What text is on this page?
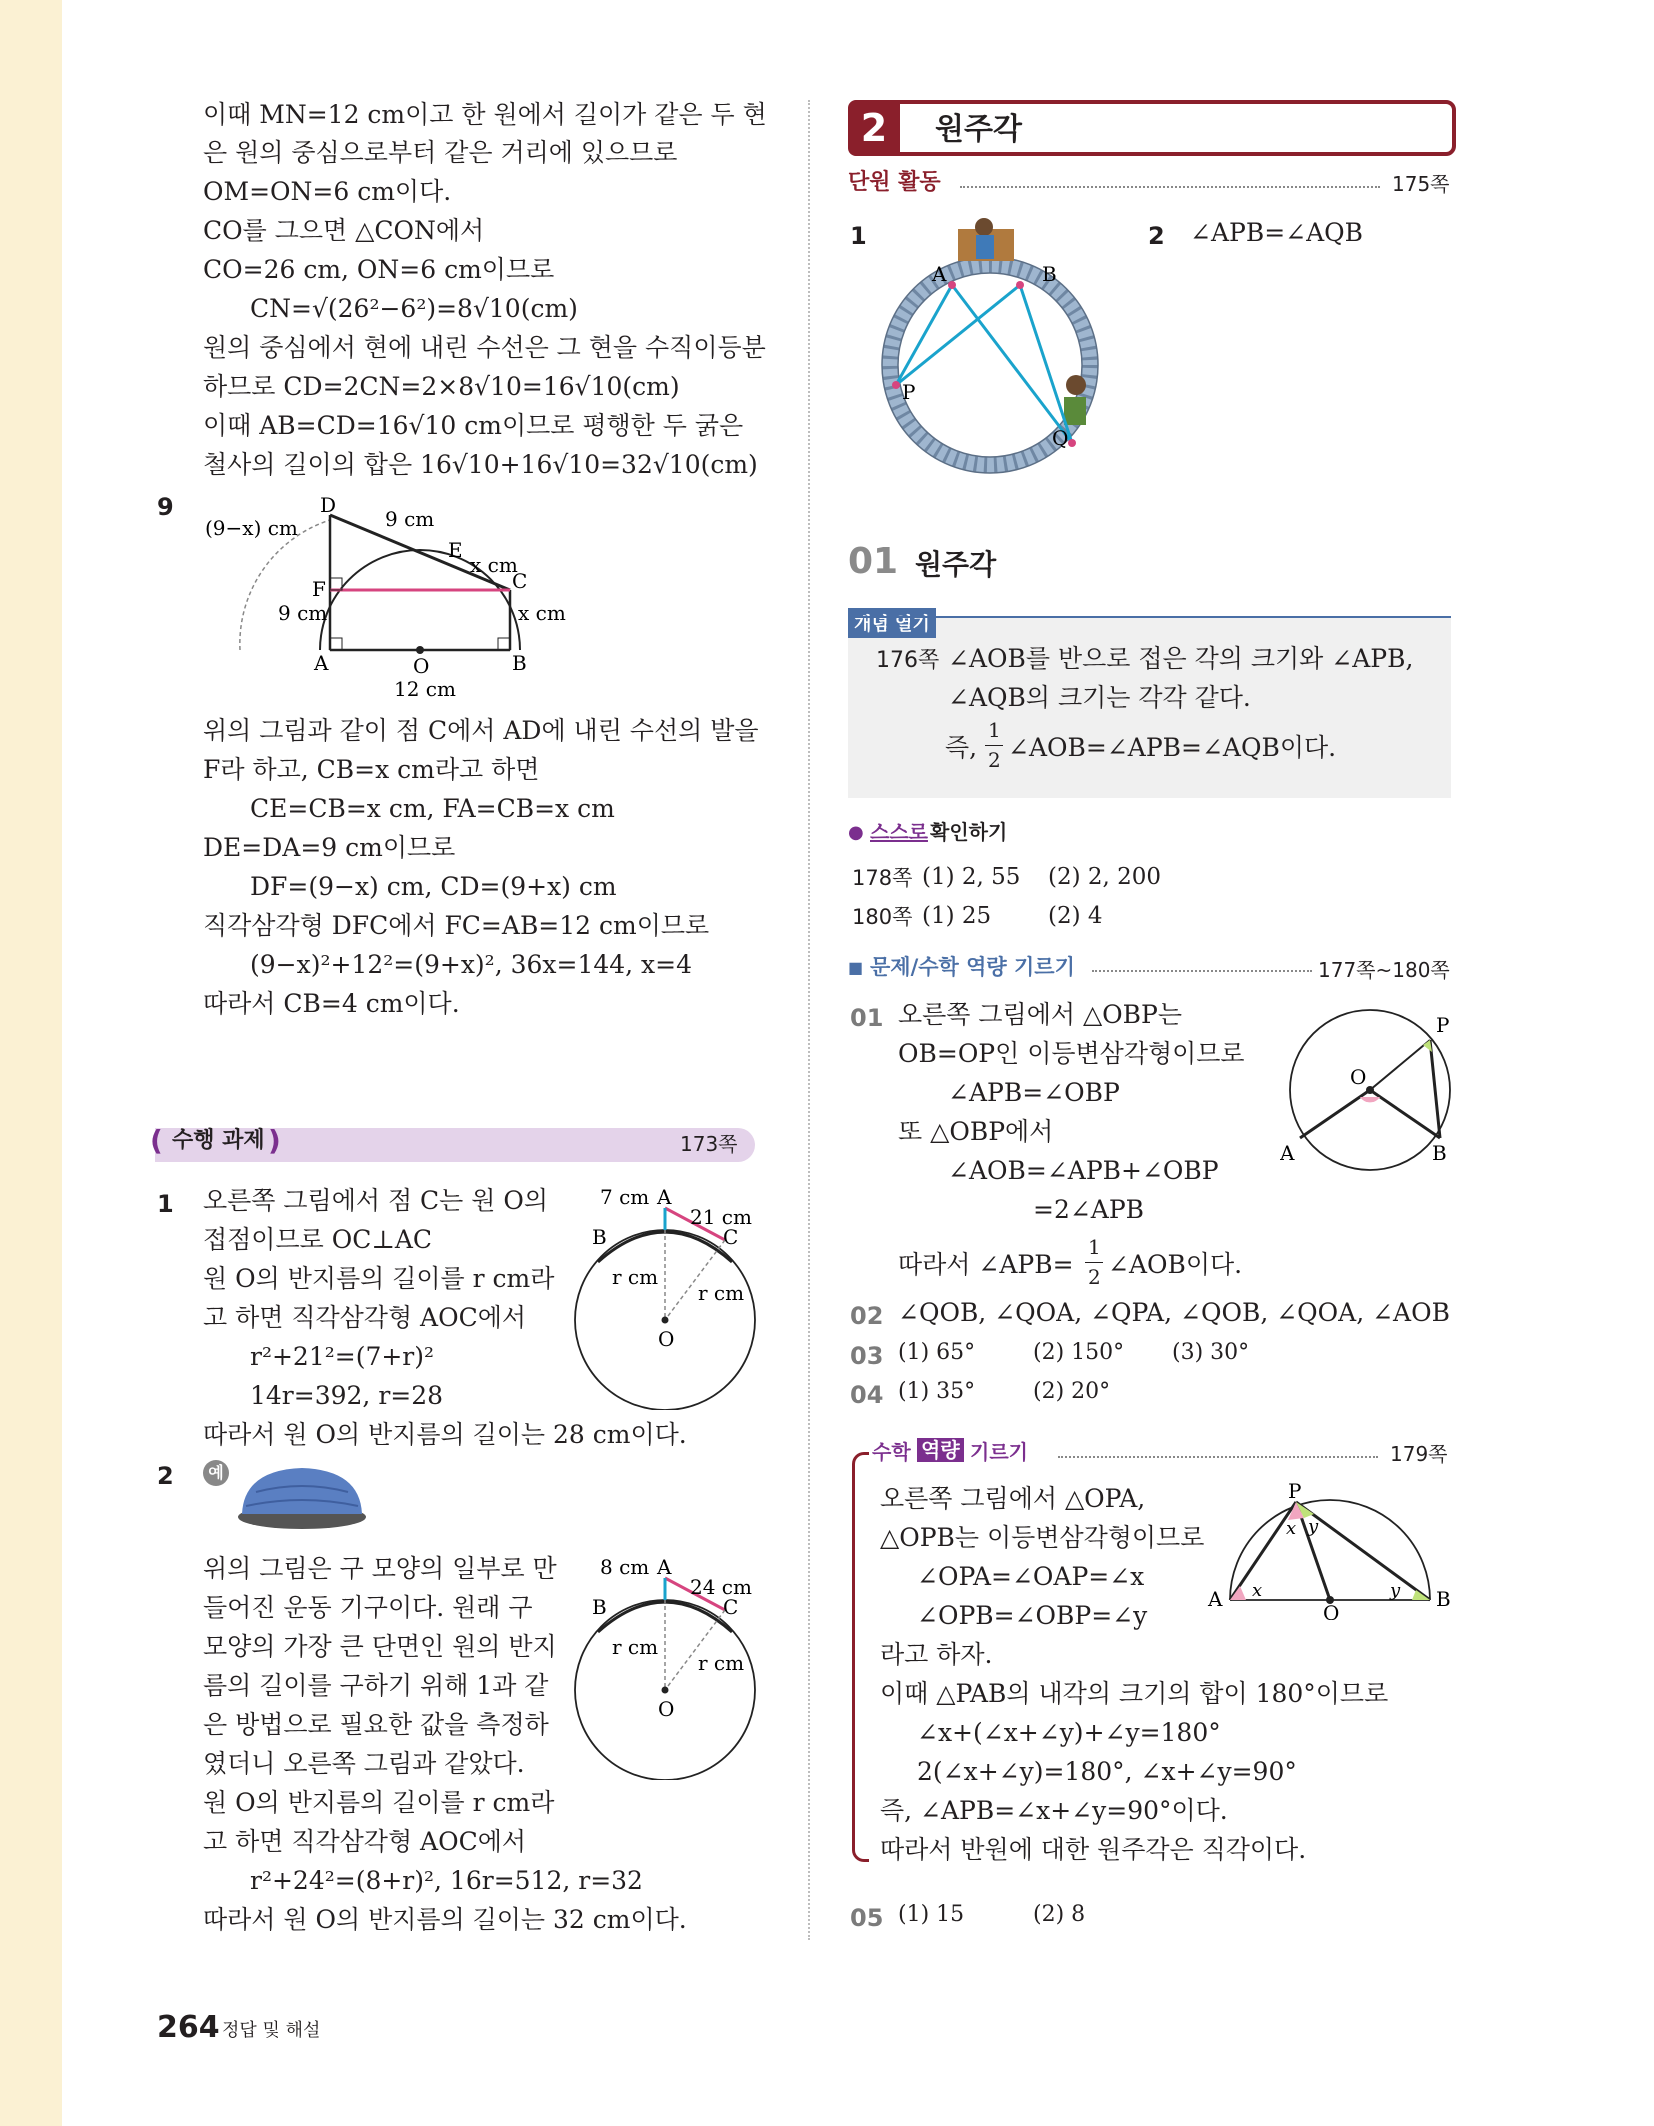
이때 MN=12 cm이고 한 원에서 길이가 같은 두 현
은 원의 중심으로부터 같은 거리에 있으므로
OM=ON=6 cm이다.
CO를 그으면 △CON에서
CO=26 cm, ON=6 cm이므로
CN=√(26²−6²)=8√10(cm)
원의 중심에서 현에 내린 수선은 그 현을 수직이등분
하므로 CD=2CN=2×8√10=16√10(cm)
이때 AB=CD=16√10 cm이므로 평행한 두 굵은
철사의 길이의 합은 16√10+16√10=32√10(cm)
9	D
9 cm
(9−x) cm
E
x cm
C
F
9 cm	x cm
A	O	B
12 cm
위의 그림과 같이 점 C에서 AD에 내린 수선의 발을
F라 하고, CB=x cm라고 하면
CE=CB=x cm, FA=CB=x cm
DE=DA=9 cm이므로
DF=(9−x) cm, CD=(9+x) cm
직각삼각형 DFC에서 FC=AB=12 cm이므로
(9−x)²+12²=(9+x)², 36x=144, x=4
따라서 CB=4 cm이다.
( 수행 과제 )	173쪽
1 오른쪽 그림에서 점 C는 원 O의
접점이므로 OC⊥AC
원 O의 반지름의 길이를 r cm라
고 하면 직각삼각형 AOC에서
r²+21²=(7+r)²
14r=392, r=28
따라서 원 O의 반지름의 길이는 28 cm이다.
7 cm A
21 cm
B	C
r cm
r cm
O
2	예
위의 그림은 구 모양의 일부로 만
들어진 운동 기구이다. 원래 구
모양의 가장 큰 단면인 원의 반지
름의 길이를 구하기 위해 1과 같
은 방법으로 필요한 값을 측정하
였더니 오른쪽 그림과 같았다.
원 O의 반지름의 길이를 r cm라
고 하면 직각삼각형 AOC에서
r²+24²=(8+r)², 16r=512, r=32
따라서 원 O의 반지름의 길이는 32 cm이다.
8 cm A
24 cm
B	C
r cm
r cm
O
264 정답 및 해설
2	원주각
단원 활동	175쪽
1
A	B
P
Q
2 ∠APB=∠AQB
01 원주각
개념 열기
176쪽 ∠AOB를 반으로 접은 각의 크기와 ∠APB,
∠AQB의 크기는 각각 같다.
즉,
1
2 ∠AOB=∠APB=∠AQB이다.
● 스스로 확인하기
178쪽 (1) 2, 55 (2) 2, 200
180쪽 (1) 25 (2) 4
■ 문제/수학 역량 기르기	177쪽~180쪽
01 오른쪽 그림에서 △OBP는
OB=OP인 이등변삼각형이므로
∠APB=∠OBP
또 △OBP에서
∠AOB=∠APB+∠OBP
=2∠APB
따라서 ∠APB=
1
2 ∠AOB이다.
P
O
A	B
02 ∠QOB, ∠QOA, ∠QPA, ∠QOB, ∠QOA, ∠AOB
03 (1) 65°	(2) 150° (3) 30°
04 (1) 35°	(2) 20°
수학 역량 기르기	179쪽
오른쪽 그림에서 △OPA,
△OPB는 이등변삼각형이므로
∠OPA=∠OAP=∠x
∠OPB=∠OBP=∠y
라고 하자.
이때 △PAB의 내각의 크기의 합이 180°이므로
∠x+(∠x+∠y)+∠y=180°
2(∠x+∠y)=180°, ∠x+∠y=90°
즉, ∠APB=∠x+∠y=90°이다.
따라서 반원에 대한 원주각은 직각이다.
P
x y
A x
O
y B
05 (1) 15	(2) 8
